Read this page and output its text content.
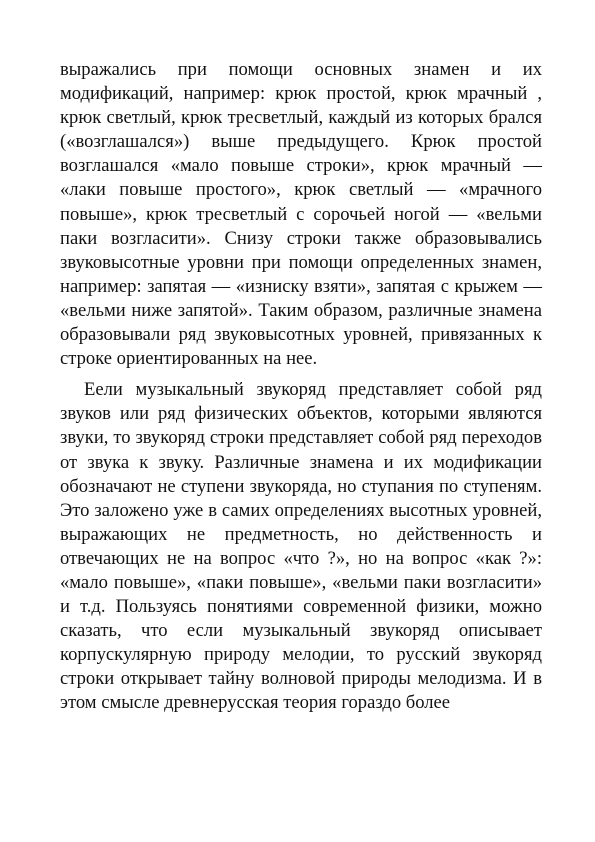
выражались при помощи основных знамен и их модификаций, например: крюк простой, крюк мрачный , крюк светлый, крюк тресветлый, каждый из которых брался («возглашался») выше предыдущего. Крюк простой возглашался «мало повыше строки», крюк мрачный — «лаки повыше простого», крюк светлый — «мрачного повыше», крюк тресветлый с сорочьей ногой — «вельми паки возгласити». Снизу строки также образовывались звуковысотные уровни при помощи определенных знамен, например: запятая — «изниску взяти», запятая с крыжем — «вельми ниже запятой». Таким образом, различные знамена образовывали ряд звуковысотных уровней, привязанных к строке ориентированных на нее.

Еели музыкальный звукоряд представляет собой ряд звуков или ряд физических объектов, которыми являются звуки, то звукоряд строки представляет собой ряд переходов от звука к звуку. Различные знамена и их модификации обозначают не ступени звукоряда, но ступания по ступеням. Это заложено уже в самих определениях высотных уровней, выражающих не предметность, но действенность и отвечающих не на вопрос «что ?», но на вопрос «как ?»: «мало повыше», «паки повыше», «вельми паки возгласити» и т.д. Пользуясь понятиями современной физики, можно сказать, что если музыкальный звукоряд описывает корпускулярную природу мелодии, то русский звукоряд строки открывает тайну волновой природы мелодизма. И в этом смысле древнерусская теория гораздо более
